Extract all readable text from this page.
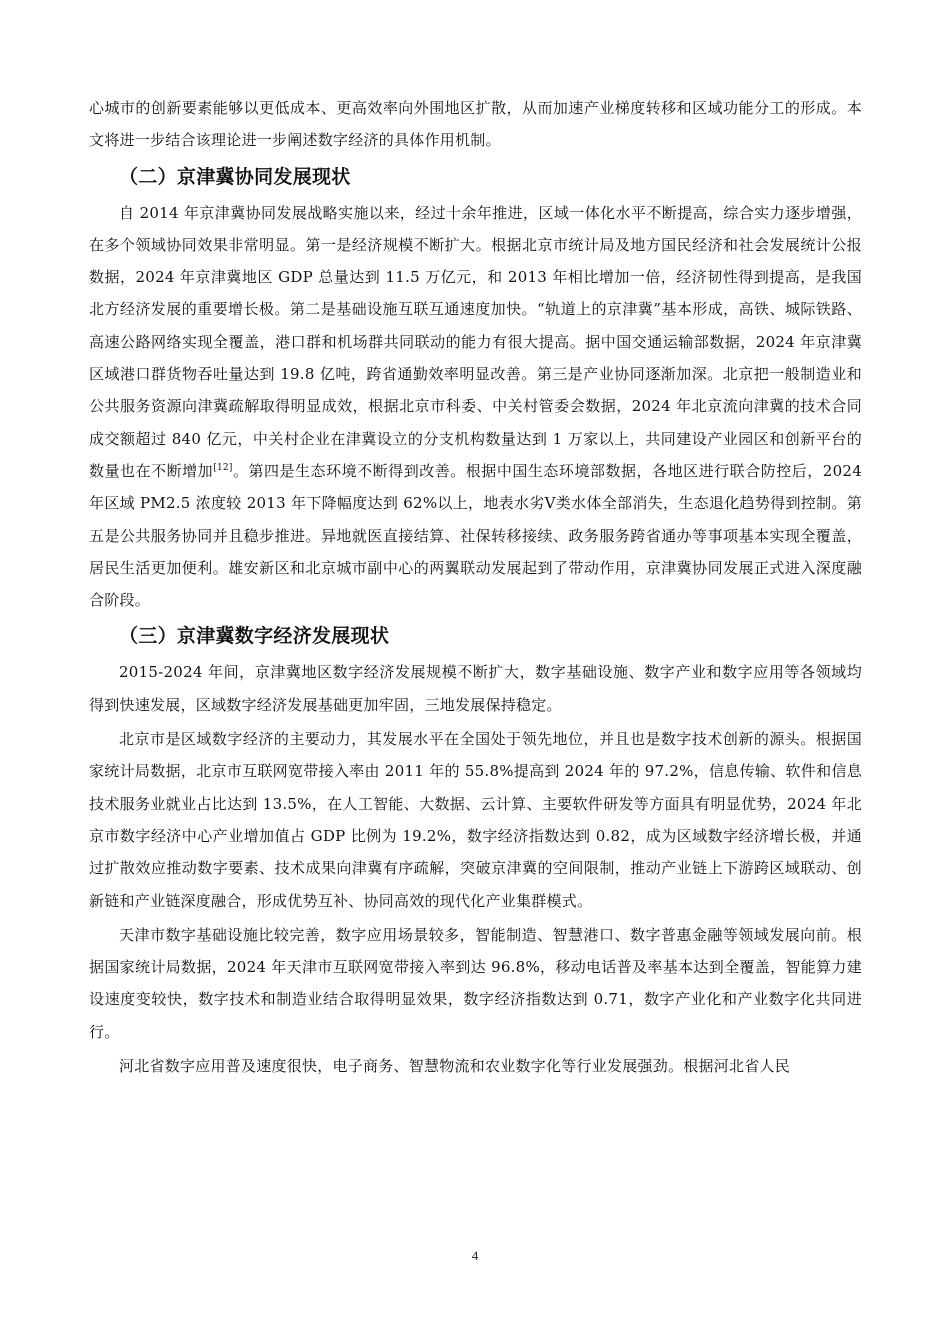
心城市的创新要素能够以更低成本、更高效率向外围地区扩散，从而加速产业梯度转移和区域功能分工的形成。本文将进一步结合该理论进一步阐述数字经济的具体作用机制。

（二）京津冀协同发展现状

自 2014 年京津冀协同发展战略实施以来，经过十余年推进，区域一体化水平不断提高，综合实力逐步增强，在多个领域协同效果非常明显。第一是经济规模不断扩大。根据北京市统计局及地方国民经济和社会发展统计公报数据，2024 年京津冀地区 GDP 总量达到 11.5 万亿元，和 2013 年相比增加一倍，经济韧性得到提高，是我国北方经济发展的重要增长极。第二是基础设施互联互通速度加快。“轨道上的京津冀”基本形成，高铁、城际铁路、高速公路网络实现全覆盖，港口群和机场群共同联动的能力有很大提高。据中国交通运输部数据，2024 年京津冀区域港口群货物吞吐量达到 19.8 亿吨，跨省通勤效率明显改善。第三是产业协同逐渐加深。北京把一般制造业和公共服务资源向津冀疏解取得明显成效，根据北京市科委、中关村管委会数据，2024 年北京流向津冀的技术合同成交额超过 840 亿元，中关村企业在津冀设立的分支机构数量达到 1 万家以上，共同建设产业园区和创新平台的数量也在不断增加[12]。第四是生态环境不断得到改善。根据中国生态环境部数据，各地区进行联合防控后，2024 年区域 PM2.5 浓度较 2013 年下降幅度达到 62%以上，地表水劣Ⅴ类水体全部消失，生态退化趋势得到控制。第五是公共服务协同并且稳步推进。异地就医直接结算、社保转移接续、政务服务跨省通办等事项基本实现全覆盖，居民生活更加便利。雄安新区和北京城市副中心的两翼联动发展起到了带动作用，京津冀协同发展正式进入深度融合阶段。

（三）京津冀数字经济发展现状

2015-2024 年间，京津冀地区数字经济发展规模不断扩大，数字基础设施、数字产业和数字应用等各领域均得到快速发展，区域数字经济发展基础更加牢固，三地发展保持稳定。

北京市是区域数字经济的主要动力，其发展水平在全国处于领先地位，并且也是数字技术创新的源头。根据国家统计局数据，北京市互联网宽带接入率由 2011 年的 55.8%提高到 2024 年的 97.2%，信息传输、软件和信息技术服务业就业占比达到 13.5%，在人工智能、大数据、云计算、主要软件研发等方面具有明显优势，2024 年北京市数字经济中心产业增加值占 GDP 比例为 19.2%，数字经济指数达到 0.82，成为区域数字经济增长极，并通过扩散效应推动数字要素、技术成果向津冀有序疏解，突破京津冀的空间限制，推动产业链上下游跨区域联动、创新链和产业链深度融合，形成优势互补、协同高效的现代化产业集群模式。

天津市数字基础设施比较完善，数字应用场景较多，智能制造、智慧港口、数字普惠金融等领域发展向前。根据国家统计局数据，2024 年天津市互联网宽带接入率到达 96.8%，移动电话普及率基本达到全覆盖，智能算力建设速度变较快，数字技术和制造业结合取得明显效果，数字经济指数达到 0.71，数字产业化和产业数字化共同进行。

河北省数字应用普及速度很快，电子商务、智慧物流和农业数字化等行业发展强劲。根据河北省人民

4
